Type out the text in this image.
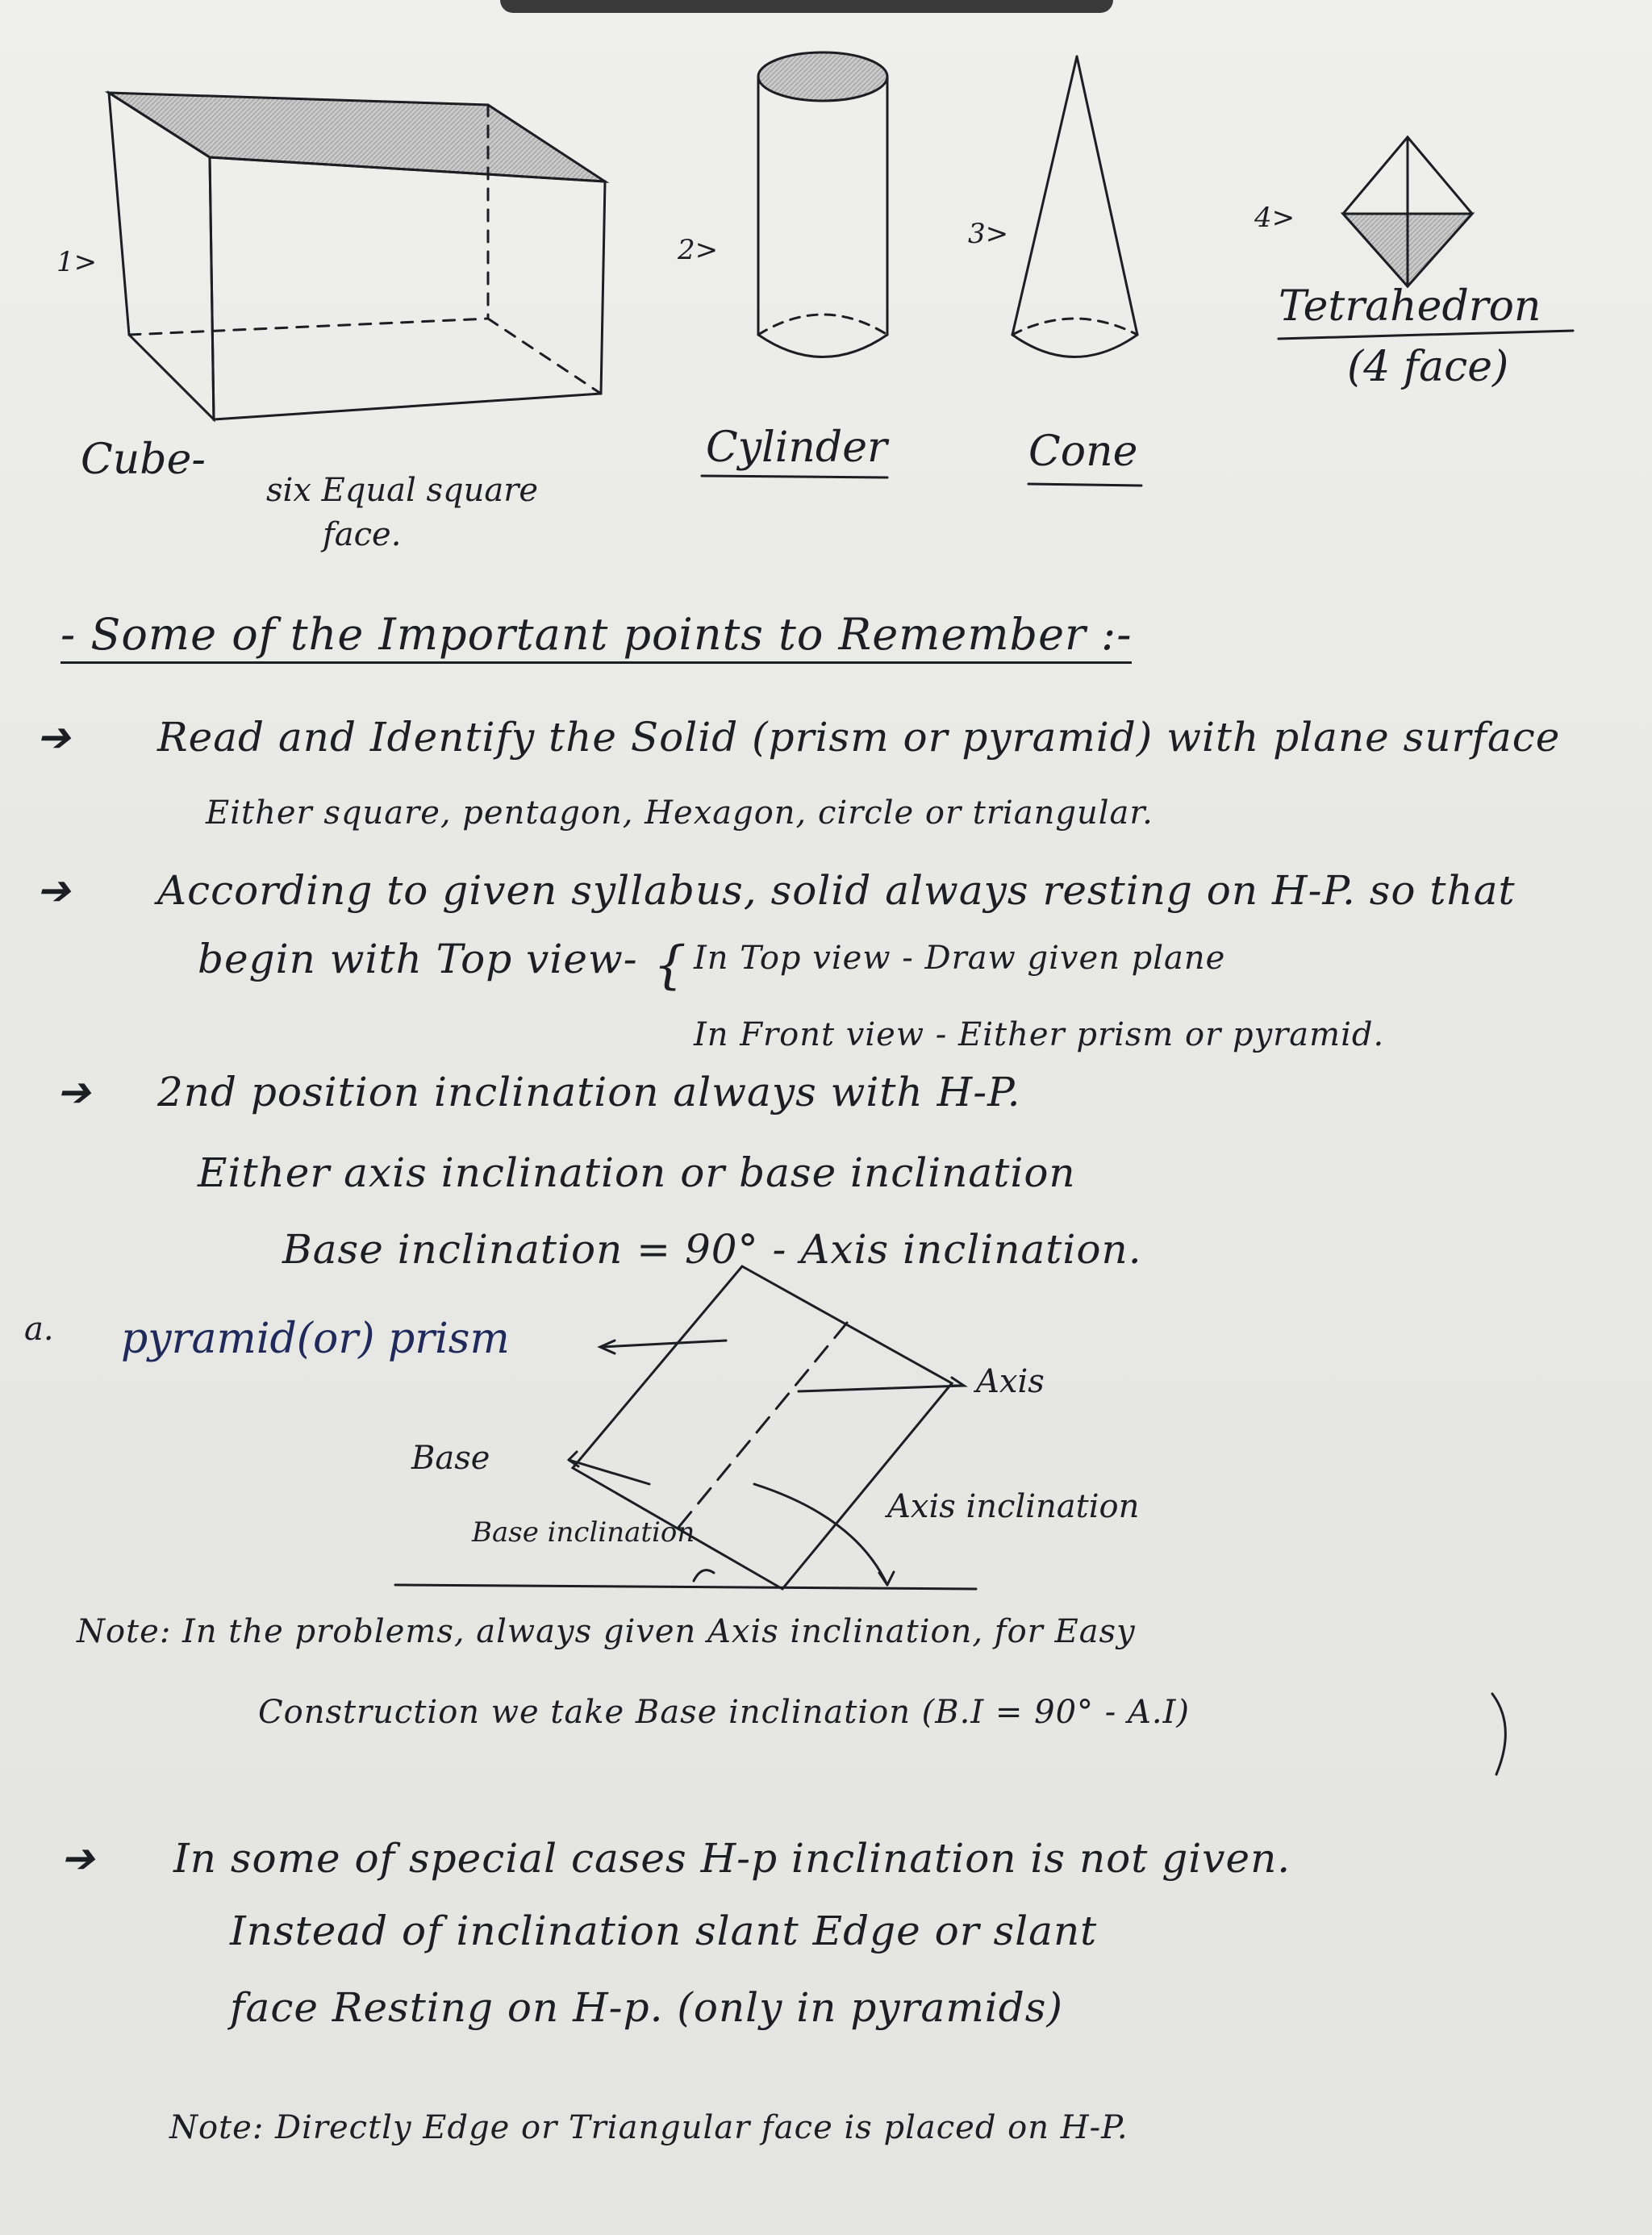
1>
Cube-
six Equal square
face.
2>
Cylinder
3>
Cone
4>
Tetrahedron
(4 face)
- Some of the Important points to Remember :-
➔ Read and Identify the Solid (prism or pyramid) with plane surface
Either square, pentagon, Hexagon, circle or triangular.
➔ According to given syllabus, solid always resting on H-P. so that
begin with Top view- { In Top view - Draw given plane
In Front view - Either prism or pyramid.
➔ 2nd position inclination always with H-P.
Either axis inclination or base inclination
Base inclination = 90° - Axis inclination.
a. pyramid(or) prism
Axis
Base
Base inclination
Axis inclination
Note: In the problems, always given Axis inclination, for Easy
Construction we take Base inclination (B.I = 90° - A.I)
➔ In some of special cases H-p inclination is not given.
Instead of inclination slant Edge or slant
face Resting on H-p. (only in pyramids)
Note: Directly Edge or Triangular face is placed on H-P.
